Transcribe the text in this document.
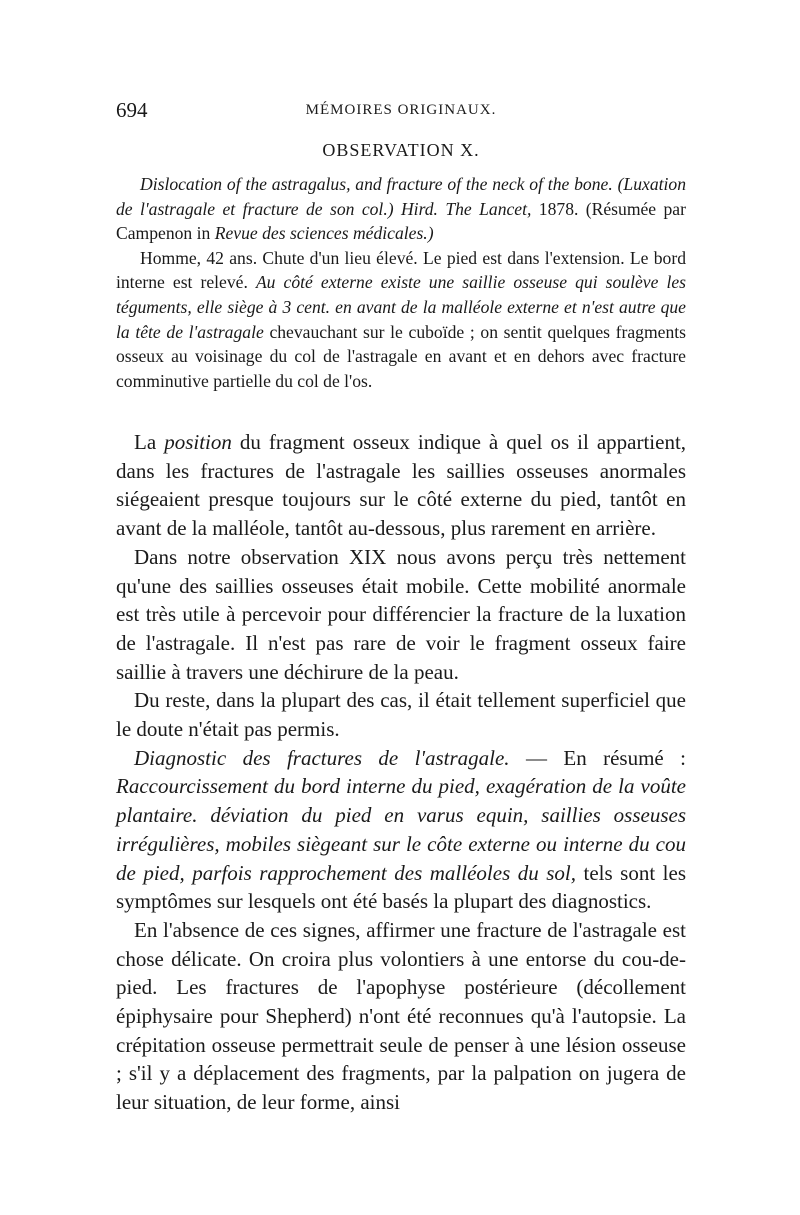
694	MÉMOIRES ORIGINAUX.
OBSERVATION X.

Dislocation of the astragalus, and fracture of the neck of the bone. (Luxation de l'astragale et fracture de son col.) Hird. The Lancet, 1878. (Résumée par Campenon in Revue des sciences médicales.)

Homme, 42 ans. Chute d'un lieu élevé. Le pied est dans l'extension. Le bord interne est relevé. Au côté externe existe une saillie osseuse qui soulève les téguments, elle siège à 3 cent. en avant de la malléole externe et n'est autre que la tête de l'astragale chevauchant sur le cuboïde ; on sentit quelques fragments osseux au voisinage du col de l'astragale en avant et en dehors avec fracture comminutive partielle du col de l'os.

La position du fragment osseux indique à quel os il appartient, dans les fractures de l'astragale les saillies osseuses anormales siégeaient presque toujours sur le côté externe du pied, tantôt en avant de la malléole, tantôt au-dessous, plus rarement en arrière.

Dans notre observation XIX nous avons perçu très nettement qu'une des saillies osseuses était mobile. Cette mobilité anormale est très utile à percevoir pour différencier la fracture de la luxation de l'astragale. Il n'est pas rare de voir le fragment osseux faire saillie à travers une déchirure de la peau.

Du reste, dans la plupart des cas, il était tellement superficiel que le doute n'était pas permis.

Diagnostic des fractures de l'astragale. — En résumé : Raccourcissement du bord interne du pied, exagération de la voûte plantaire. déviation du pied en varus equin, saillies osseuses irrégulières, mobiles siègeant sur le côte externe ou interne du cou de pied, parfois rapprochement des malléoles du sol, tels sont les symptômes sur lesquels ont été basés la plupart des diagnostics.

En l'absence de ces signes, affirmer une fracture de l'astragale est chose délicate. On croira plus volontiers à une entorse du cou-de-pied. Les fractures de l'apophyse postérieure (décollement épiphysaire pour Shepherd) n'ont été reconnues qu'à l'autopsie. La crépitation osseuse permettrait seule de penser à une lésion osseuse ; s'il y a déplacement des fragments, par la palpation on jugera de leur situation, de leur forme, ainsi
